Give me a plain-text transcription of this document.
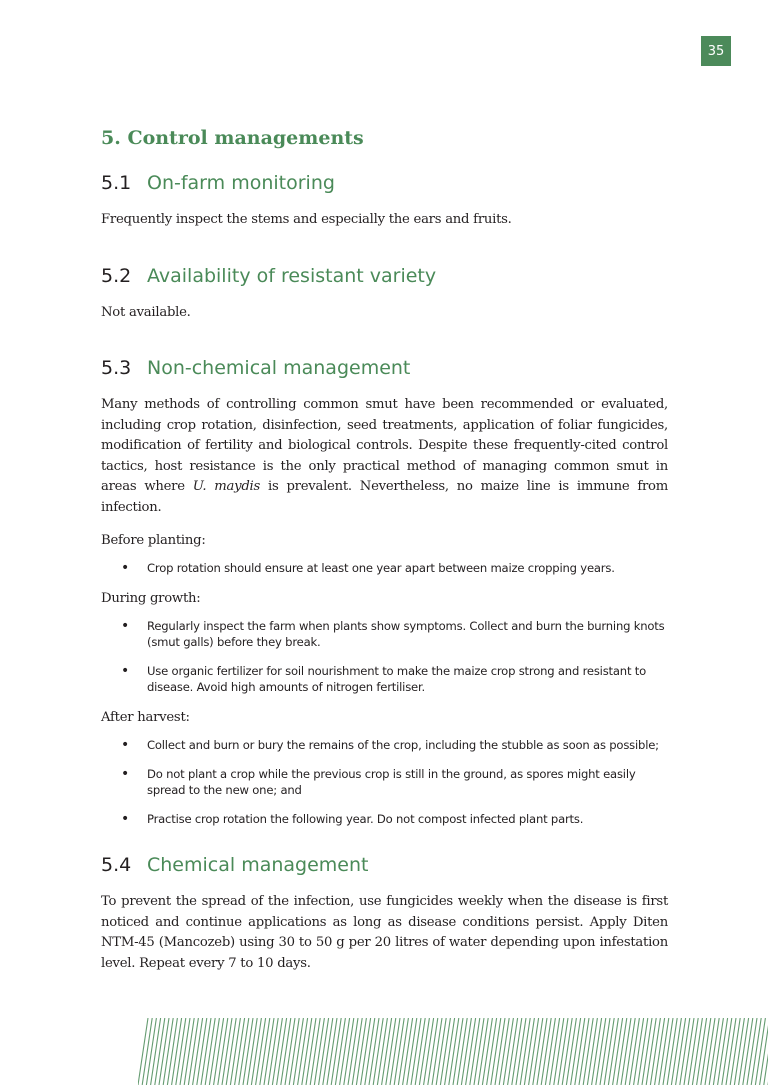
35
5. Control managements
5.1 On-farm monitoring

Frequently inspect the stems and especially the ears and fruits.

5.2 Availability of resistant variety

Not available.

5.3 Non-chemical management

Many methods of controlling common smut have been recommended or evaluated, including crop rotation, disinfection, seed treatments, application of foliar fungicides, modification of fertility and biological controls. Despite these frequently-cited control tactics, host resistance is the only practical method of managing common smut in areas where U. maydis is prevalent. Nevertheless, no maize line is immune from infection.

Before planting:

• Crop rotation should ensure at least one year apart between maize cropping years.

During growth:

• Regularly inspect the farm when plants show symptoms. Collect and burn the burning knots (smut galls) before they break.
• Use organic fertilizer for soil nourishment to make the maize crop strong and resistant to disease. Avoid high amounts of nitrogen fertiliser.

After harvest:

• Collect and burn or bury the remains of the crop, including the stubble as soon as possible;
• Do not plant a crop while the previous crop is still in the ground, as spores might easily spread to the new one; and
• Practise crop rotation the following year. Do not compost infected plant parts.
5.4 Chemical management

To prevent the spread of the infection, use fungicides weekly when the disease is first noticed and continue applications as long as disease conditions persist. Apply Diten NTM-45 (Mancozeb) using 30 to 50 g per 20 litres of water depending upon infestation level. Repeat every 7 to 10 days.
